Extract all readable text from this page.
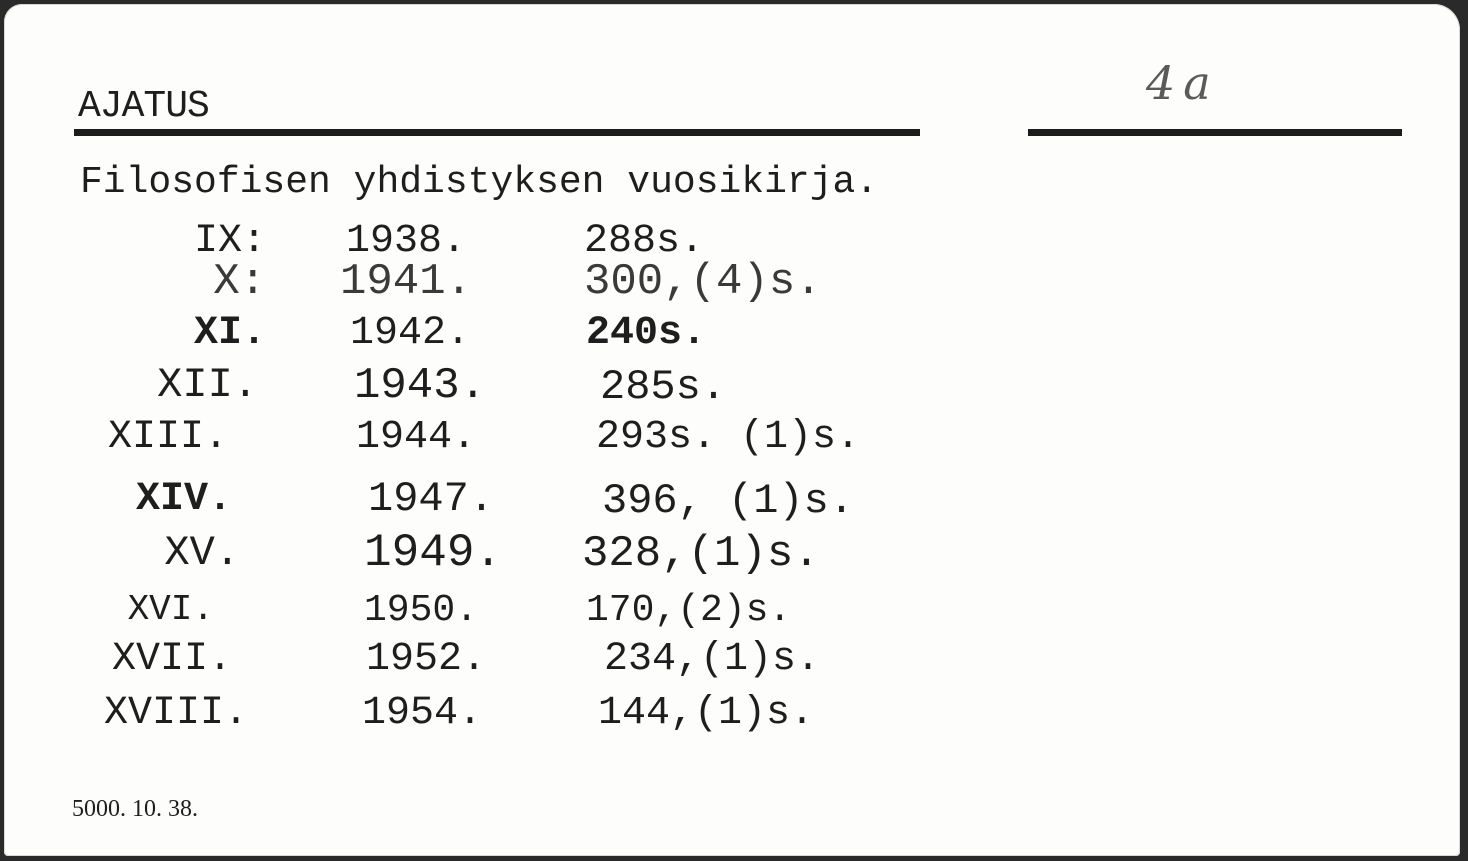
AJATUS	4a
Filosofisen yhdistyksen vuosikirja.
IX: 1938.	288s.
X: 1941.	300,(4)s.
XI. 1942.	240s.
XII. 1943.	285s.
XIII.	1944.	293s. (1)s.
XIV.	1947.	396, (1)s.
XV.	1949. 328,(1)s.
XVI.	1950.	170,(2)s.
XVII.	1952.	234,(1)s.
XVIII.	1954.	144,(1)s.
5000. 10. 38.
